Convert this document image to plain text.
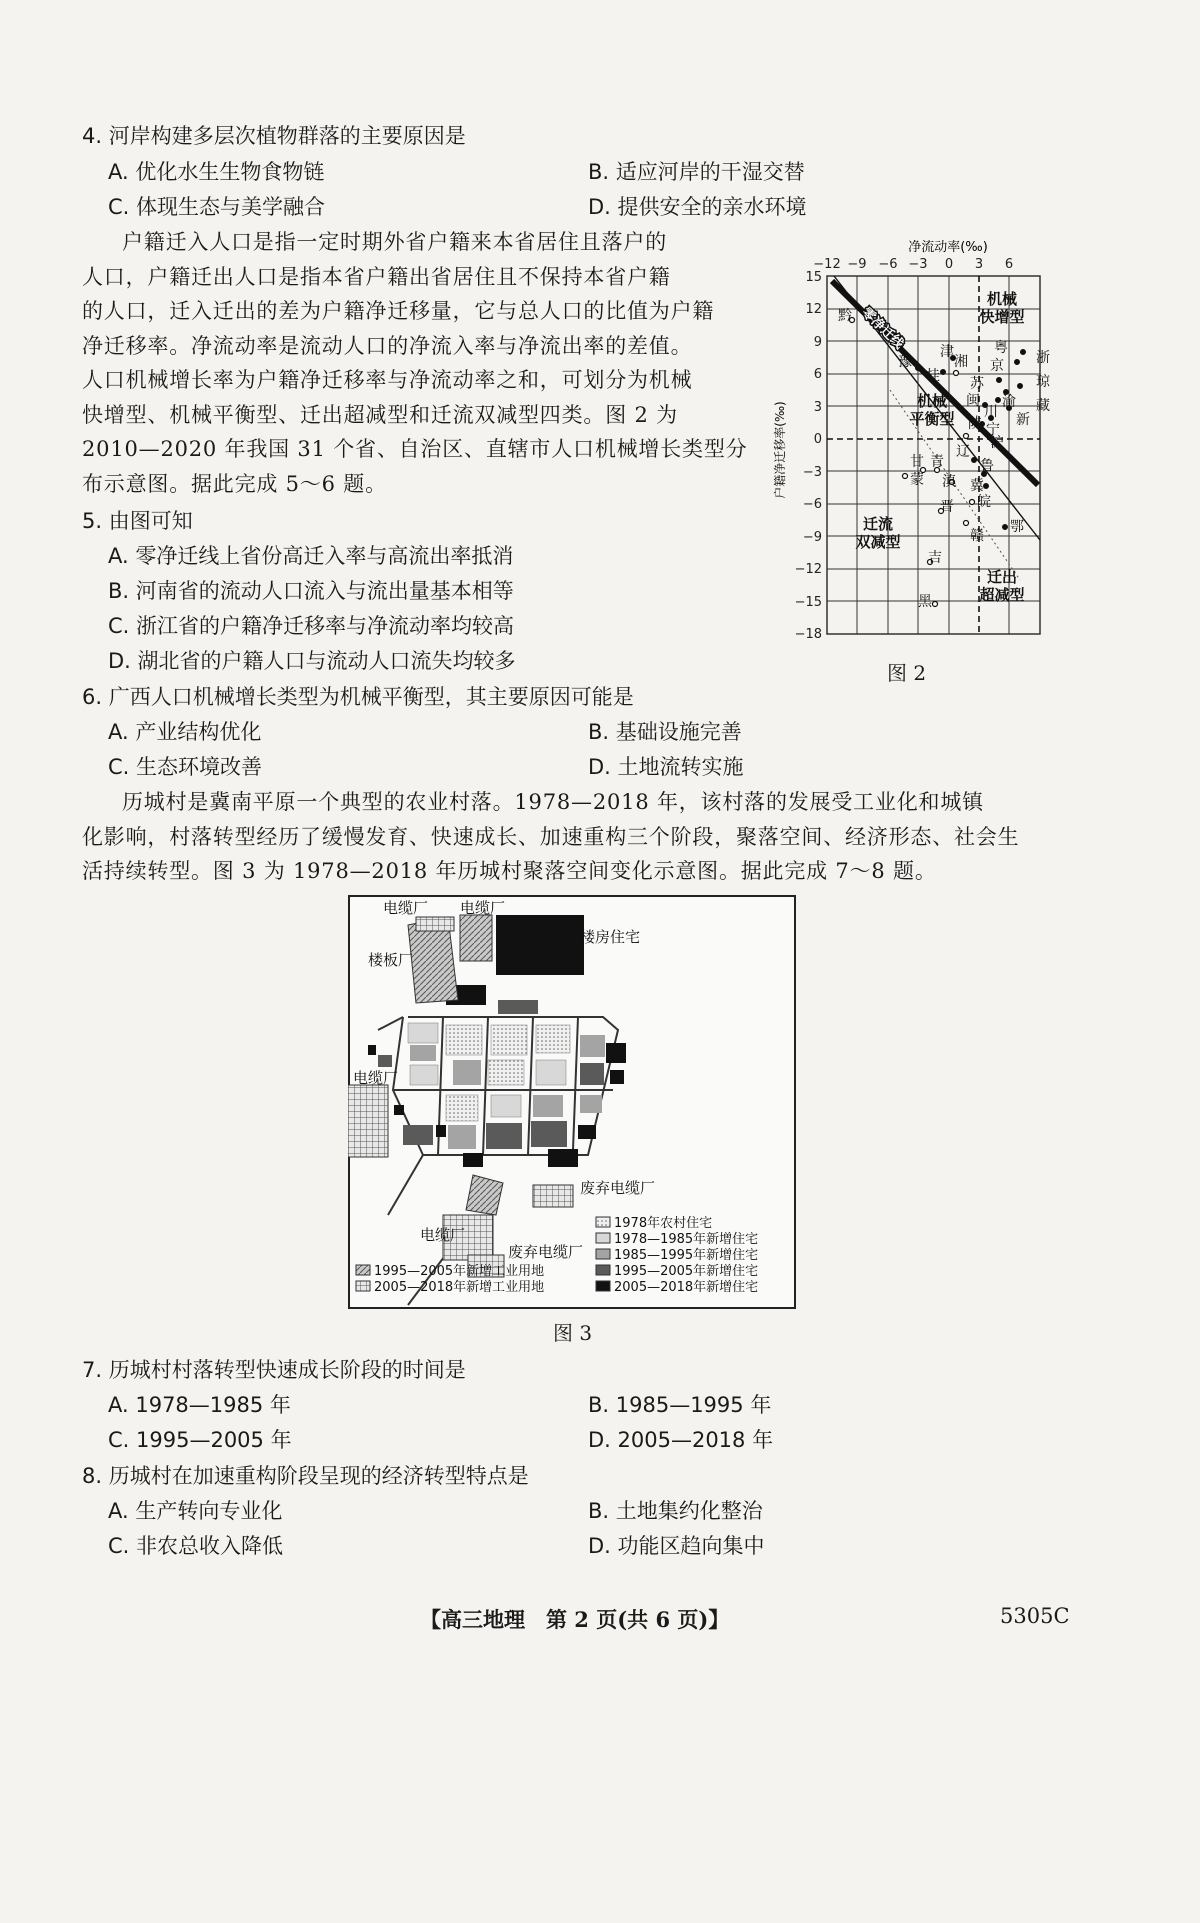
4. 河岸构建多层次植物群落的主要原因是
A. 优化水生生物食物链	B. 适应河岸的干湿交替
C. 体现生态与美学融合	D. 提供安全的亲水环境
户籍迁入人口是指一定时期外省户籍来本省居住且落户的
人口，户籍迁出人口是指本省户籍出省居住且不保持本省户籍
的人口，迁入迁出的差为户籍净迁移量，它与总人口的比值为户籍
净迁移率。净流动率是流动人口的净流入率与净流出率的差值。
人口机械增长率为户籍净迁移率与净流动率之和，可划分为机械
快增型、机械平衡型、迁出超减型和迁流双减型四类。图 2 为
2010—2020 年我国 31 个省、自治区、直辖市人口机械增长类型分
布示意图。据此完成 5～6 题。
零净迁线
−12 −9 −6 −3 0 3 6
净流动率(‰)
15
12
9
6
3
0
−3
−6
−9
−12
−15
−18
户籍净迁移率(‰)
机械
快增型
机械
平衡型
迁流
双减型
迁出
超减型
黔
豫
桂
津	粤
浙
琼
藏
苏
京
渝
闽
新
湘
川
陕 宁
沪
甘
辽
青
滇
蒙
皖
晋
冀
鄂
鲁
赣
吉
黑
图 2
5. 由图可知
A. 零净迁线上省份高迁入率与高流出率抵消
B. 河南省的流动人口流入与流出量基本相等
C. 浙江省的户籍净迁移率与净流动率均较高
D. 湖北省的户籍人口与流动人口流失均较多
6. 广西人口机械增长类型为机械平衡型，其主要原因可能是
A. 产业结构优化	B. 基础设施完善
C. 生态环境改善	D. 土地流转实施
历城村是冀南平原一个典型的农业村落。1978—2018 年，该村落的发展受工业化和城镇
化影响，村落转型经历了缓慢发育、快速成长、加速重构三个阶段，聚落空间、经济形态、社会生
活持续转型。图 3 为 1978—2018 年历城村聚落空间变化示意图。据此完成 7～8 题。
电缆厂 电缆厂
楼板厂
楼房住宅
电缆厂
废弃电缆厂
电缆厂
废弃电缆厂
1978年农村住宅
1978—1985年新增住宅
1985—1995年新增住宅
1995—2005年新增住宅
2005—2018年新增住宅
1995—2005年新增工业用地
2005—2018年新增工业用地
图 3
7. 历城村村落转型快速成长阶段的时间是
A. 1978—1985 年	B. 1985—1995 年
C. 1995—2005 年	D. 2005—2018 年
8. 历城村在加速重构阶段呈现的经济转型特点是
A. 生产转向专业化	B. 土地集约化整治
C. 非农总收入降低	D. 功能区趋向集中
【高三地理　第 2 页(共 6 页)】	5305C
